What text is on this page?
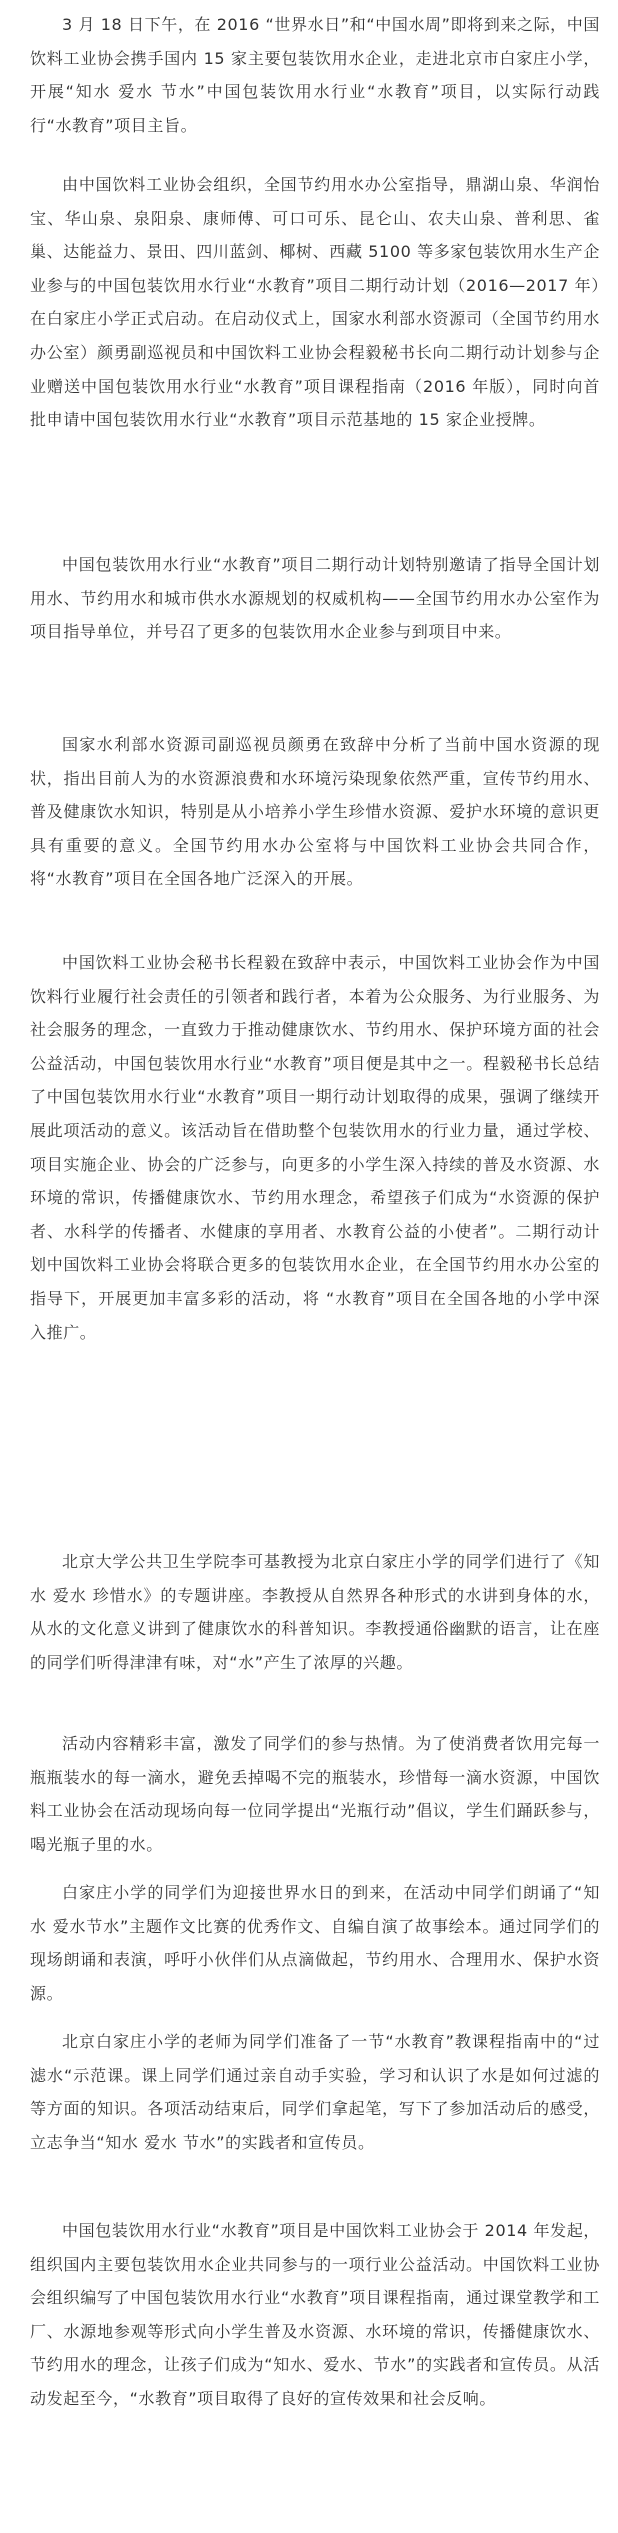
3 月 18 日下午，在 2016 “世界水日”和“中国水周”即将到来之际，中国饮料工业协会携手国内 15 家主要包装饮用水企业，走进北京市白家庄小学，开展“知水 爱水 节水”中国包装饮用水行业“水教育”项目，以实际行动践行“水教育”项目主旨。

由中国饮料工业协会组织，全国节约用水办公室指导，鼎湖山泉、华润怡宝、华山泉、泉阳泉、康师傅、可口可乐、昆仑山、农夫山泉、普利思、雀巢、达能益力、景田、四川蓝剑、椰树、西藏 5100 等多家包装饮用水生产企业参与的中国包装饮用水行业“水教育”项目二期行动计划（2016—2017 年）在白家庄小学正式启动。在启动仪式上，国家水利部水资源司（全国节约用水办公室）颜勇副巡视员和中国饮料工业协会程毅秘书长向二期行动计划参与企业赠送中国包装饮用水行业“水教育”项目课程指南（2016 年版），同时向首批申请中国包装饮用水行业“水教育”项目示范基地的 15 家企业授牌。

中国包装饮用水行业“水教育”项目二期行动计划特别邀请了指导全国计划用水、节约用水和城市供水水源规划的权威机构——全国节约用水办公室作为项目指导单位，并号召了更多的包装饮用水企业参与到项目中来。

国家水利部水资源司副巡视员颜勇在致辞中分析了当前中国水资源的现状，指出目前人为的水资源浪费和水环境污染现象依然严重，宣传节约用水、普及健康饮水知识，特别是从小培养小学生珍惜水资源、爱护水环境的意识更具有重要的意义。全国节约用水办公室将与中国饮料工业协会共同合作，将“水教育”项目在全国各地广泛深入的开展。

中国饮料工业协会秘书长程毅在致辞中表示，中国饮料工业协会作为中国饮料行业履行社会责任的引领者和践行者，本着为公众服务、为行业服务、为社会服务的理念，一直致力于推动健康饮水、节约用水、保护环境方面的社会公益活动，中国包装饮用水行业“水教育”项目便是其中之一。程毅秘书长总结了中国包装饮用水行业“水教育”项目一期行动计划取得的成果，强调了继续开展此项活动的意义。该活动旨在借助整个包装饮用水的行业力量，通过学校、项目实施企业、协会的广泛参与，向更多的小学生深入持续的普及水资源、水环境的常识，传播健康饮水、节约用水理念，希望孩子们成为“水资源的保护者、水科学的传播者、水健康的享用者、水教育公益的小使者”。二期行动计划中国饮料工业协会将联合更多的包装饮用水企业，在全国节约用水办公室的指导下，开展更加丰富多彩的活动，将 “水教育”项目在全国各地的小学中深入推广。

北京大学公共卫生学院李可基教授为北京白家庄小学的同学们进行了《知水 爱水 珍惜水》的专题讲座。李教授从自然界各种形式的水讲到身体的水，从水的文化意义讲到了健康饮水的科普知识。李教授通俗幽默的语言，让在座的同学们听得津津有味，对“水”产生了浓厚的兴趣。

活动内容精彩丰富，激发了同学们的参与热情。为了使消费者饮用完每一瓶瓶装水的每一滴水，避免丢掉喝不完的瓶装水，珍惜每一滴水资源，中国饮料工业协会在活动现场向每一位同学提出“光瓶行动”倡议，学生们踊跃参与，喝光瓶子里的水。

白家庄小学的同学们为迎接世界水日的到来，在活动中同学们朗诵了“知水 爱水节水”主题作文比赛的优秀作文、自编自演了故事绘本。通过同学们的现场朗诵和表演，呼吁小伙伴们从点滴做起，节约用水、合理用水、保护水资源。

北京白家庄小学的老师为同学们准备了一节“水教育”教课程指南中的“过滤水“示范课。课上同学们通过亲自动手实验，学习和认识了水是如何过滤的等方面的知识。各项活动结束后，同学们拿起笔，写下了参加活动后的感受，立志争当“知水 爱水 节水”的实践者和宣传员。

中国包装饮用水行业“水教育”项目是中国饮料工业协会于 2014 年发起，组织国内主要包装饮用水企业共同参与的一项行业公益活动。中国饮料工业协会组织编写了中国包装饮用水行业“水教育”项目课程指南，通过课堂教学和工厂、水源地参观等形式向小学生普及水资源、水环境的常识，传播健康饮水、节约用水的理念，让孩子们成为“知水、爱水、节水”的实践者和宣传员。从活动发起至今，“水教育”项目取得了良好的宣传效果和社会反响。
